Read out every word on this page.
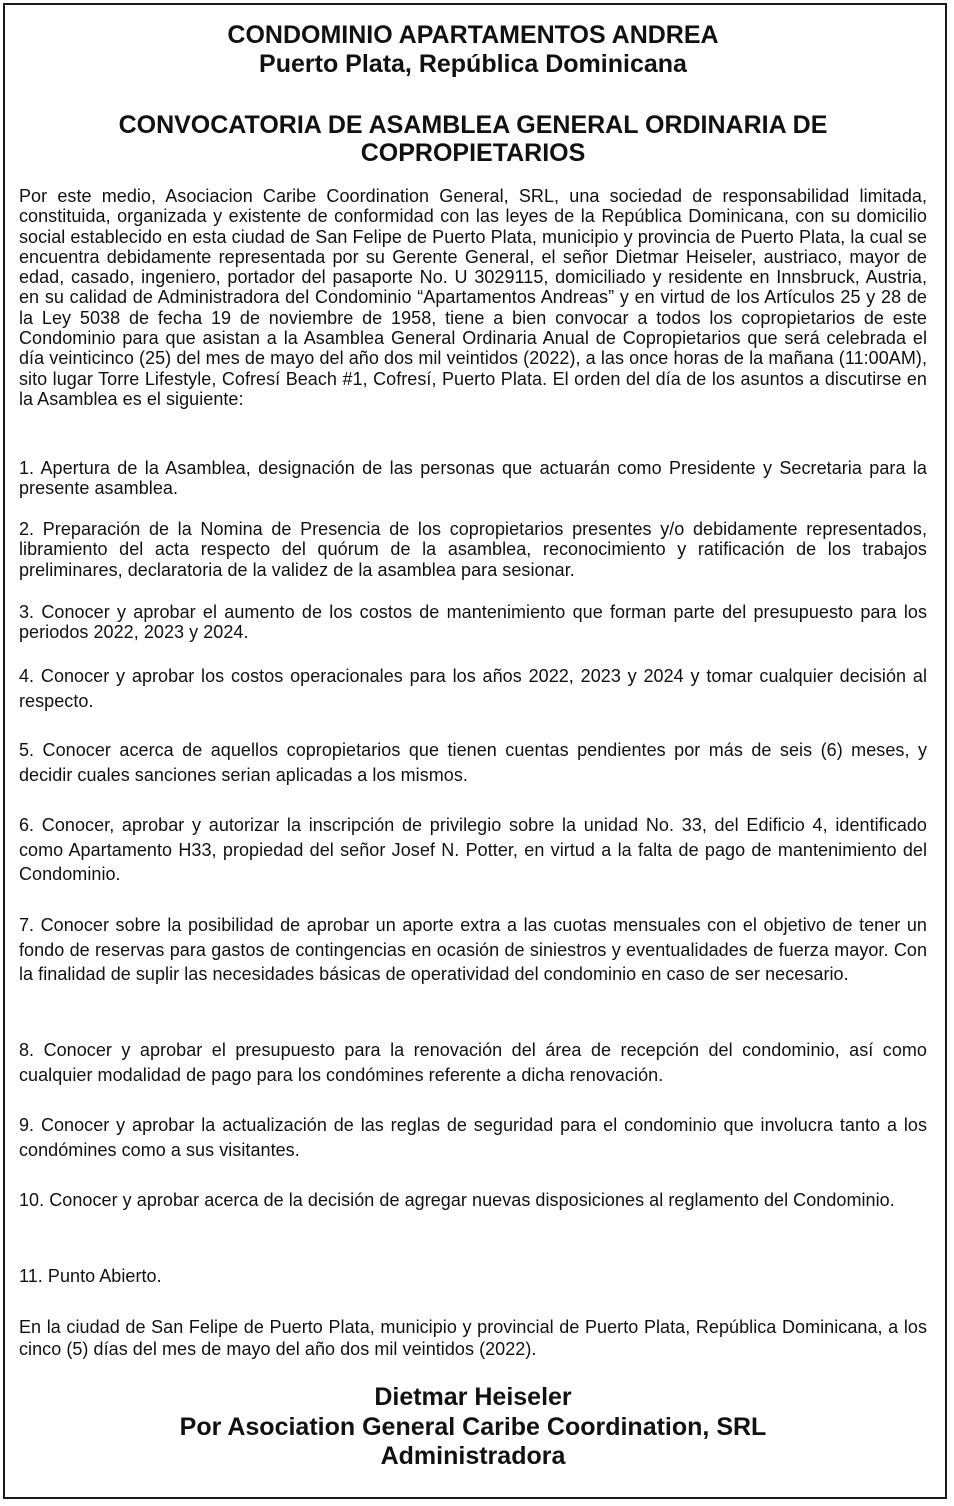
CONDOMINIO APARTAMENTOS ANDREA

Puerto Plata, República Dominicana

CONVOCATORIA DE ASAMBLEA GENERAL ORDINARIA DE

COPROPIETARIOS

Por este medio, Asociacion Caribe Coordination General, SRL, una sociedad de responsabilidad limitada, constituida, organizada y existente de conformidad con las leyes de la República Dominicana, con su domicilio social establecido en esta ciudad de San Felipe de Puerto Plata, municipio y provincia de Puerto Plata, la cual se encuentra debidamente representada por su Gerente General, el señor Dietmar Heiseler, austriaco, mayor de edad, casado, ingeniero, portador del pasaporte No. U 3029115, domiciliado y residente en Innsbruck, Austria, en su calidad de Administradora del Condominio “Apartamentos Andreas” y en virtud de los Artículos 25 y 28 de la Ley 5038 de fecha 19 de noviembre de 1958, tiene a bien convocar a todos los copropietarios de este Condominio para que asistan a la Asamblea General Ordinaria Anual de Copropietarios que será celebrada el día veinticinco (25) del mes de mayo del año dos mil veintidos (2022), a las once horas de la mañana (11:00AM), sito lugar Torre Lifestyle, Cofresí Beach #1, Cofresí, Puerto Plata. El orden del día de los asuntos a discutirse en la Asamblea es el siguiente:

1. Apertura de la Asamblea, designación de las personas que actuarán como Presidente y Secretaria para la presente asamblea.

2. Preparación de la Nomina de Presencia de los copropietarios presentes y/o debidamente representados, libramiento del acta respecto del quórum de la asamblea, reconocimiento y ratificación de los trabajos preliminares, declaratoria de la validez de la asamblea para sesionar.

3. Conocer y aprobar el aumento de los costos de mantenimiento que forman parte del presupuesto para los periodos 2022, 2023 y 2024.

4. Conocer y aprobar los costos operacionales para los años 2022, 2023 y 2024 y tomar cualquier decisión al respecto.

5. Conocer acerca de aquellos copropietarios que tienen cuentas pendientes por más de seis (6) meses, y decidir cuales sanciones serian aplicadas a los mismos.

6. Conocer, aprobar y autorizar la inscripción de privilegio sobre la unidad No. 33, del Edificio 4, identificado como Apartamento H33, propiedad del señor Josef N. Potter, en virtud a la falta de pago de mantenimiento del Condominio.

7. Conocer sobre la posibilidad de aprobar un aporte extra a las cuotas mensuales con el objetivo de tener un fondo de reservas para gastos de contingencias en ocasión de siniestros y eventualidades de fuerza mayor. Con la finalidad de suplir las necesidades básicas de operatividad del condominio en caso de ser necesario.

8. Conocer y aprobar el presupuesto para la renovación del área de recepción del condominio, así como cualquier modalidad de pago para los condómines referente a dicha renovación.

9. Conocer y aprobar la actualización de las reglas de seguridad para el condominio que involucra tanto a los condómines como a sus visitantes.

10. Conocer y aprobar acerca de la decisión de agregar nuevas disposiciones al reglamento del Condominio.

11. Punto Abierto.

En la ciudad de San Felipe de Puerto Plata, municipio y provincial de Puerto Plata, República Dominicana, a los cinco (5) días del mes de mayo del año dos mil veintidos (2022).

Dietmar Heiseler

Por Asociation General Caribe Coordination, SRL

Administradora
